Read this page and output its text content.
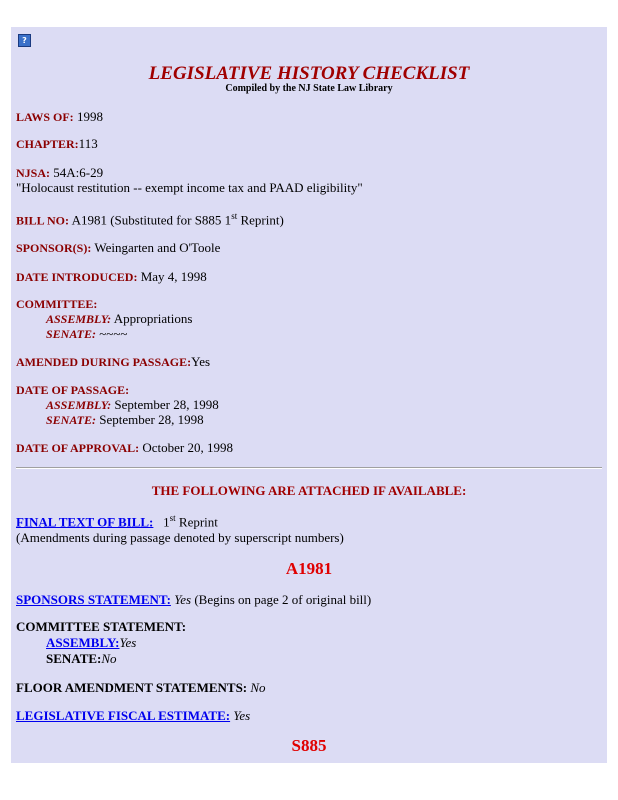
?
LEGISLATIVE HISTORY CHECKLIST
Compiled by the NJ State Law Library
LAWS OF: 1998
CHAPTER:113
NJSA: 54A:6-29
"Holocaust restitution -- exempt income tax and PAAD eligibility"
BILL NO: A1981 (Substituted for S885 1st Reprint)
SPONSOR(S): Weingarten and O'Toole
DATE INTRODUCED: May 4, 1998
COMMITTEE:
ASSEMBLY: Appropriations
SENATE: ~~~~
AMENDED DURING PASSAGE:Yes
DATE OF PASSAGE:
ASSEMBLY: September 28, 1998
SENATE: September 28, 1998
DATE OF APPROVAL: October 20, 1998
THE FOLLOWING ARE ATTACHED IF AVAILABLE:
FINAL TEXT OF BILL: 1st Reprint
(Amendments during passage denoted by superscript numbers)
A1981
SPONSORS STATEMENT: Yes (Begins on page 2 of original bill)
COMMITTEE STATEMENT:
ASSEMBLY:Yes
SENATE:No
FLOOR AMENDMENT STATEMENTS: No
LEGISLATIVE FISCAL ESTIMATE: Yes
S885
